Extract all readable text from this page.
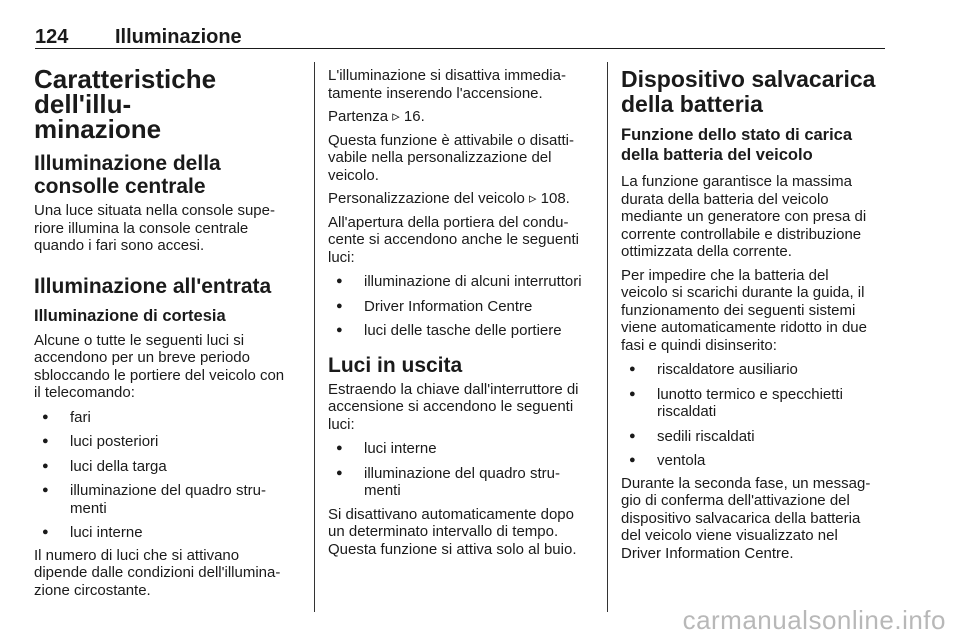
124 Illuminazione
Caratteristiche dell'illu-
minazione
Illuminazione della consolle centrale

Una luce situata nella console supe-
riore illumina la console centrale
quando i fari sono accesi.

Illuminazione all'entrata
Illuminazione di cortesia

Alcune o tutte le seguenti luci si
accendono per un breve periodo
sbloccando le portiere del veicolo con
il telecomando:

● fari
● luci posteriori
● luci della targa
● illuminazione del quadro stru-
menti
● luci interne

Il numero di luci che si attivano
dipende dalle condizioni dell'illumina-
zione circostante.

L'illuminazione si disattiva immedia-
tamente inserendo l'accensione.

Partenza ▹ 16.

Questa funzione è attivabile o disatti-
vabile nella personalizzazione del
veicolo.

Personalizzazione del veicolo ▹ 108.

All'apertura della portiera del condu-
cente si accendono anche le seguenti
luci:

● illuminazione di alcuni interruttori
● Driver Information Centre
● luci delle tasche delle portiere
Luci in uscita

Estraendo la chiave dall'interruttore di
accensione si accendono le seguenti
luci:

● luci interne
● illuminazione del quadro stru-
menti

Si disattivano automaticamente dopo
un determinato intervallo di tempo.
Questa funzione si attiva solo al buio.

Dispositivo salvacarica
della batteria
Funzione dello stato di carica
della batteria del veicolo

La funzione garantisce la massima
durata della batteria del veicolo
mediante un generatore con presa di
corrente controllabile e distribuzione
ottimizzata della corrente.

Per impedire che la batteria del
veicolo si scarichi durante la guida, il
funzionamento dei seguenti sistemi
viene automaticamente ridotto in due
fasi e quindi disinserito:

● riscaldatore ausiliario
● lunotto termico e specchietti
riscaldati
● sedili riscaldati
● ventola

Durante la seconda fase, un messag-
gio di conferma dell'attivazione del
dispositivo salvacarica della batteria
del veicolo viene visualizzato nel
Driver Information Centre.

carmanualsonline.info
